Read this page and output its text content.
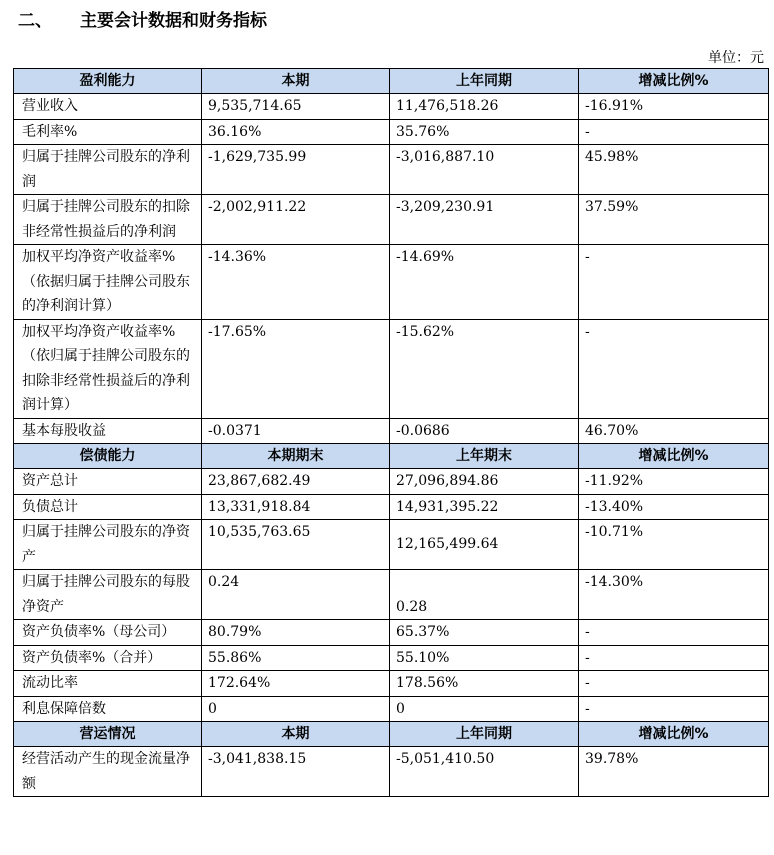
二、 主要会计数据和财务指标
单位：元
盈利能力	本期	上年同期	增减比例%
营业收入	9,535,714.65	11,476,518.26	-16.91%
毛利率%	36.16%	35.76%	-
归属于挂牌公司股东的净利润	-1,629,735.99	-3,016,887.10	45.98%
归属于挂牌公司股东的扣除非经常性损益后的净利润	-2,002,911.22	-3,209,230.91	37.59%
加权平均净资产收益率%（依据归属于挂牌公司股东的净利润计算）	-14.36%	-14.69%	-
加权平均净资产收益率%（依归属于挂牌公司股东的扣除非经常性损益后的净利润计算）	-17.65%	-15.62%	-
基本每股收益	-0.0371	-0.0686	46.70%
偿债能力	本期期末	上年期末	增减比例%
资产总计	23,867,682.49	27,096,894.86	-11.92%
负债总计	13,331,918.84	14,931,395.22	-13.40%
归属于挂牌公司股东的净资产	10,535,763.65	12,165,499.64	-10.71%
归属于挂牌公司股东的每股净资产	0.24	0.28	-14.30%
资产负债率%（母公司）	80.79%	65.37%	-
资产负债率%（合并）	55.86%	55.10%	-
流动比率	172.64%	178.56%	-
利息保障倍数	0	0	-
营运情况	本期	上年同期	增减比例%
经营活动产生的现金流量净额	-3,041,838.15	-5,051,410.50	39.78%
